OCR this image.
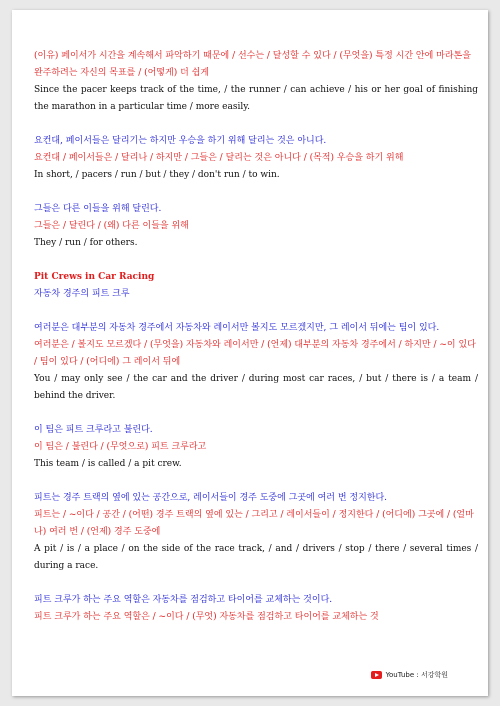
(이유) 페이서가 시간을 계속해서 파악하기 때문에 / 선수는 / 달성할 수 있다 / (무엇을) 특정 시간 안에 마라톤을 완주하려는 자신의 목표를 / (어떻게) 더 쉽게
Since the pacer keeps track of the time, / the runner / can achieve / his or her goal of finishing the marathon in a particular time / more easily.
요컨대, 페이서들은 달리기는 하지만 우승을 하기 위해 달리는 것은 아니다.
요컨대 / 페이서들은 / 달리나 / 하지만 / 그들은 / 달리는 것은 아니다 / (목적) 우승을 하기 위해
In short, / pacers / run / but / they / don't run / to win.
그들은 다른 이들을 위해 달린다.
그들은 / 달린다 / (왜) 다른 이들을 위해
They / run / for others.
Pit Crews in Car Racing
자동차 경주의 피트 크루
여러분은 대부분의 자동차 경주에서 자동차와 레이서만 볼지도 모르겠지만, 그 레이서 뒤에는 팀이 있다.
여러분은 / 볼지도 모르겠다 / (무엇을) 자동차와 레이서만 / (언제) 대부분의 자동차 경주에서 / 하지만 / ~이 있다 / 팀이 있다 / (어디에) 그 레이서 뒤에
You / may only see / the car and the driver / during most car races, / but / there is / a team / behind the driver.
이 팀은 피트 크루라고 불린다.
이 팀은 / 불린다 / (무엇으로) 피트 크루라고
This team / is called / a pit crew.
피트는 경주 트랙의 옆에 있는 공간으로, 레이서들이 경주 도중에 그곳에 여러 번 정지한다.
피트는 / ~이다 / 공간 / (어떤) 경주 트랙의 옆에 있는 / 그리고 / 레이서들이 / 정지한다 / (어디에) 그곳에 / (얼마나) 여러 번 / (언제) 경주 도중에
A pit / is / a place / on the side of the race track, / and / drivers / stop / there / several times / during a race.
피트 크루가 하는 주요 역할은 자동차를 점검하고 타이어를 교체하는 것이다.
피트 크루가 하는 주요 역할은 / ~이다 / (무엇) 자동차를 점검하고 타이어를 교체하는 것
YouTube : 서강학원
